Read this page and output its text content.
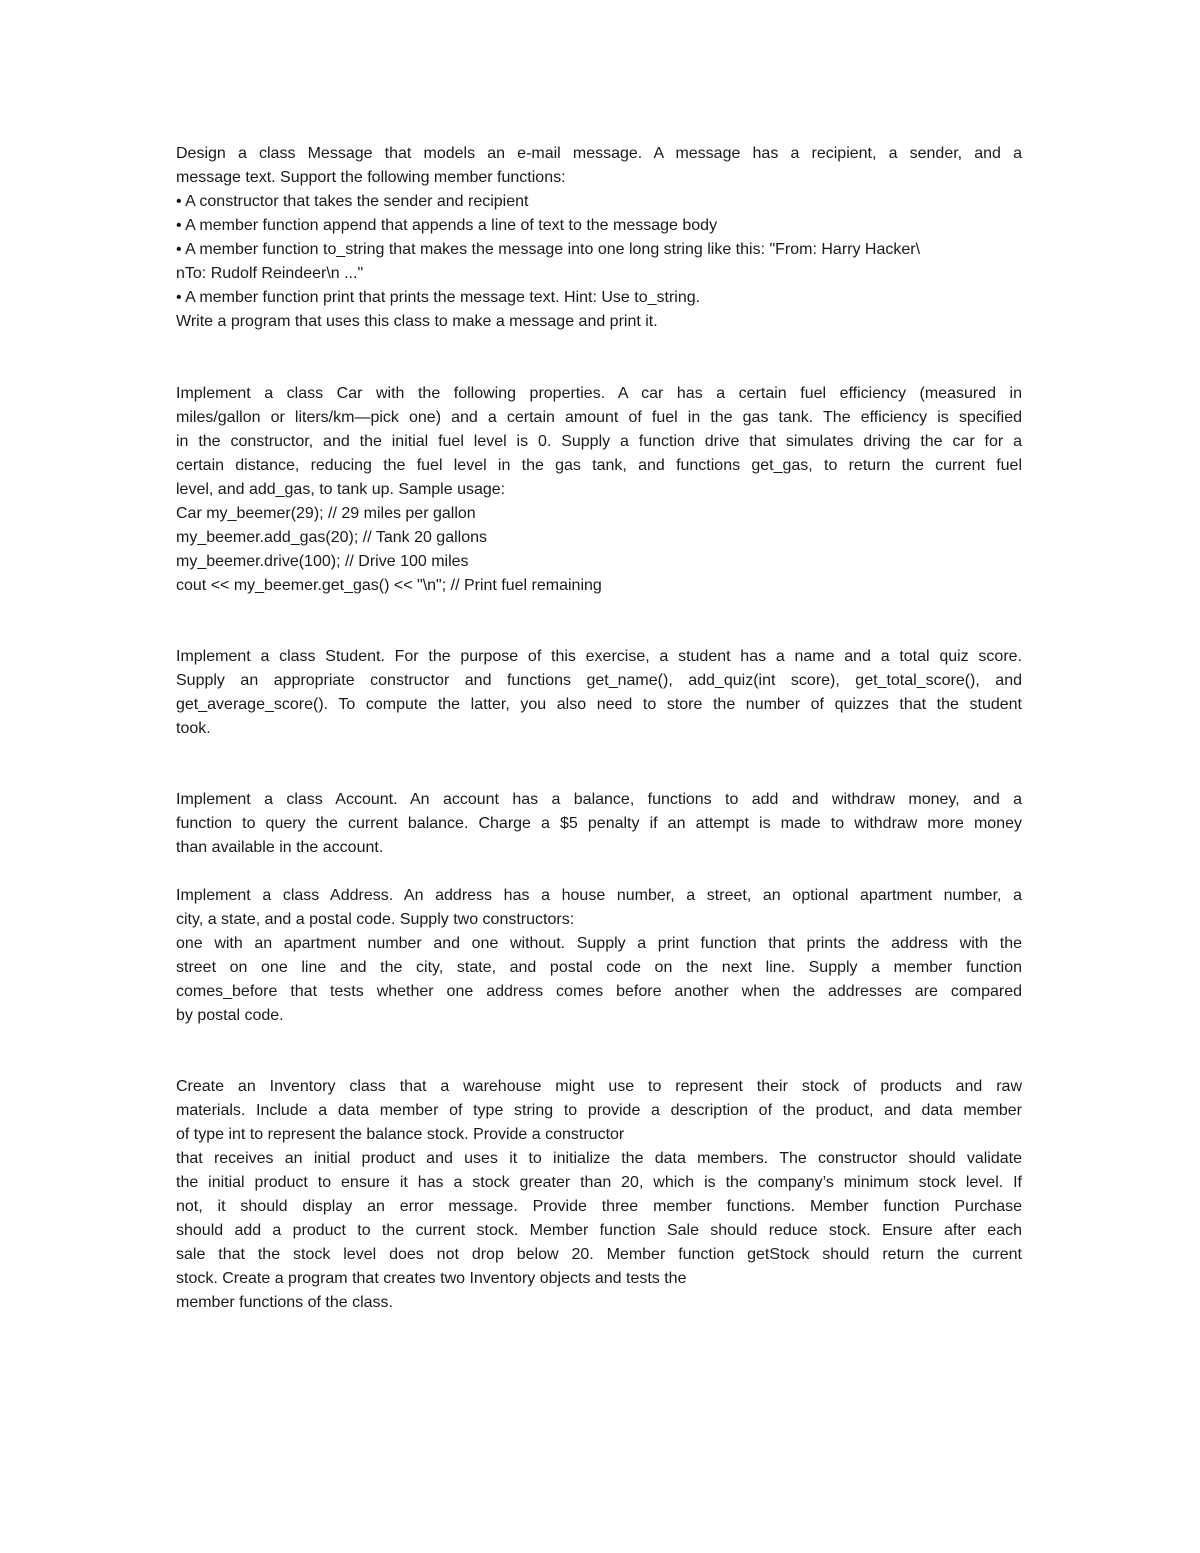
Design a class Message that models an e-mail message. A message has a recipient, a sender, and a
message text. Support the following member functions:
• A constructor that takes the sender and recipient
• A member function append that appends a line of text to the message body
• A member function to_string that makes the message into one long string like this: "From: Harry Hacker\
nTo: Rudolf Reindeer\n ..."
• A member function print that prints the message text. Hint: Use to_string.
Write a program that uses this class to make a message and print it.
Implement a class Car with the following properties. A car has a certain fuel efficiency (measured in
miles/gallon or liters/km—pick one) and a certain amount of fuel in the gas tank. The efficiency is specified
in the constructor, and the initial fuel level is 0. Supply a function drive that simulates driving the car for a
certain distance, reducing the fuel level in the gas tank, and functions get_gas, to return the current fuel
level, and add_gas, to tank up. Sample usage:
Car my_beemer(29); // 29 miles per gallon
my_beemer.add_gas(20); // Tank 20 gallons
my_beemer.drive(100); // Drive 100 miles
cout << my_beemer.get_gas() << "\n"; // Print fuel remaining
Implement a class Student. For the purpose of this exercise, a student has a name and a total quiz score.
Supply an appropriate constructor and functions get_name(), add_quiz(int score), get_total_score(), and
get_average_score(). To compute the latter, you also need to store the number of quizzes that the student
took.
Implement a class Account. An account has a balance, functions to add and withdraw money, and a
function to query the current balance. Charge a $5 penalty if an attempt is made to withdraw more money
than available in the account.
Implement a class Address. An address has a house number, a street, an optional apartment number, a
city, a state, and a postal code. Supply two constructors:
one with an apartment number and one without. Supply a print function that prints the address with the
street on one line and the city, state, and postal code on the next line. Supply a member function
comes_before that tests whether one address comes before another when the addresses are compared
by postal code.
Create an Inventory class that a warehouse might use to represent their stock of products and raw
materials. Include a data member of type string to provide a description of the product, and data member
of type int to represent the balance stock. Provide a constructor
that receives an initial product and uses it to initialize the data members. The constructor should validate
the initial product to ensure it has a stock greater than 20, which is the company’s minimum stock level. If
not, it should display an error message. Provide three member functions. Member function Purchase
should add a product to the current stock. Member function Sale should reduce stock. Ensure after each
sale that the stock level does not drop below 20. Member function getStock should return the current
stock. Create a program that creates two Inventory objects and tests the
member functions of the class.
